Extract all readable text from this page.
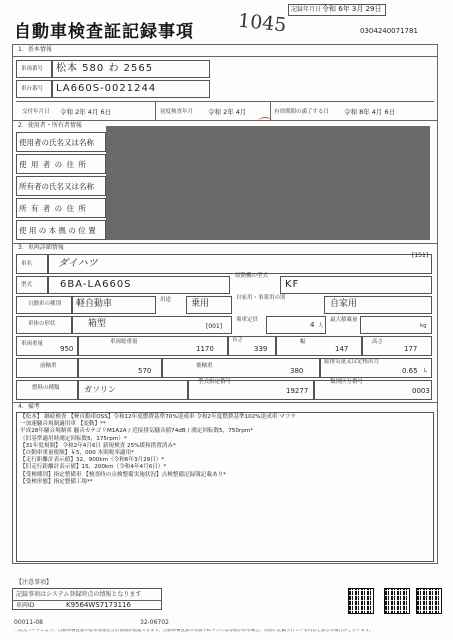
記録年月日 令和 6年 3月 29日
1045
自動車検査証記録事項	0304240071781
1．基本情報
車両番号 松本 580 わ 2565
車台番号 LA660S-0021244
交付年月日 令和 2年 4月 6日	初度検査年月 令和 2年 4月	有効期間の満了する日 令和 8年 4月 6日
2．使用者・所有者情報
使用者の氏名又は名称
使 用 者 の 住 所
所有者の氏名又は名称
所 有 者 の 住 所
使 用 の 本 拠 の 位 置
3．車両詳細情報
車名	ダイハツ
[151]
型式	6BA-LA660S
原動機の型式
KF
自動車の種別 軽自動車	用途 乗用
自家用・事業用の別
自家用
車体の形状	箱型	[001]
乗車定員
4 人
最大積載量
kg
車両重量
950
車両総重量
1170
長さ
339
幅
147
高さ
177
前軸重
570
後軸重
380
総排気量又は定格出力
0.65 L
燃料の種類	ガソリン
型式指定番号
19277
類別区分番号
0003
4．備考
【松本】 継続検査 【軽自動車OSS】令和12年度燃費基準70%達成車 令和2年度燃費基準102%達成車 マフラ
一加速騒音規制適用車 【変動】**
平成28年騒音規制車 騒音カテゴリM1A2A / 近接排気騒音値74dB / 測定回転数5，750rpm*
（旧基準適用時測定回転数5，175rpm）*
【31年度規制】 令和2年4月6日 新規検査 25%緩和措置済み*
【自動車重量税額】￥5，000 本則税率適用*
【走行距離計表示値】32，900km（令和6年3月29日）*
【旧走行距離計表示値】15，200km（令和4年4月6日）*
【受検種別】指定整備車 【検査時の点検整備実施状況】点検整備記録簿記載あり*
【受検形態】指定整備工場**
【注意事項】
記録事項はシステム登録時点の情報となります
車両ID	K9564WS7173116
00011-08	32-06702
二次元コードにより、自動車検査証の基本情報を含む情報が閲覧できます。自動車検査証の券面やICタグには券面がある場合、券面に記載されている内容と異なる場合がございます。
